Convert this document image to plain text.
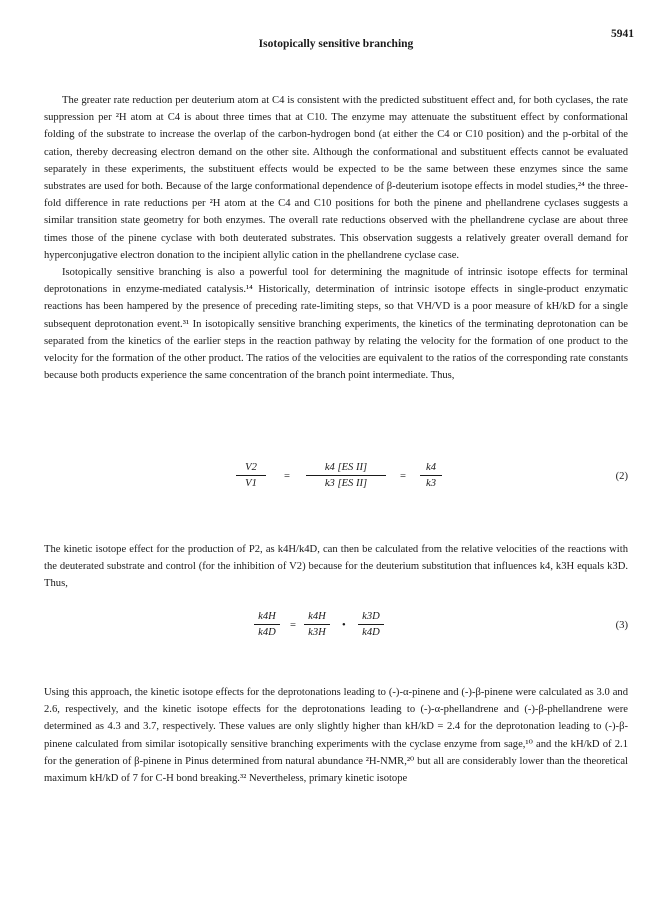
5941
Isotopically sensitive branching

The greater rate reduction per deuterium atom at C4 is consistent with the predicted substituent effect and, for both cyclases, the rate suppression per ²H atom at C4 is about three times that at C10. The enzyme may attenuate the substituent effect by conformational folding of the substrate to increase the overlap of the carbon-hydrogen bond (at either the C4 or C10 position) and the p-orbital of the cation, thereby decreasing electron demand on the other site. Although the conformational and substituent effects cannot be evaluated separately in these experiments, the substituent effects would be expected to be the same between these enzymes since the same substrates are used for both. Because of the large conformational dependence of β-deuterium isotope effects in model studies,²⁴ the three-fold difference in rate reductions per ²H atom at the C4 and C10 positions for both the pinene and phellandrene cyclases suggests a similar transition state geometry for both enzymes. The overall rate reductions observed with the phellandrene cyclase are about three times those of the pinene cyclase with both deuterated substrates. This observation suggests a relatively greater overall demand for hyperconjugative electron donation to the incipient allylic cation in the phellandrene cyclase case.

Isotopically sensitive branching is also a powerful tool for determining the magnitude of intrinsic isotope effects for terminal deprotonations in enzyme-mediated catalysis.¹⁴ Historically, determination of intrinsic isotope effects in single-product enzymatic reactions has been hampered by the presence of preceding rate-limiting steps, so that VH/VD is a poor measure of kH/kD for a single subsequent deprotonation event.³¹ In isotopically sensitive branching experiments, the kinetics of the terminating deprotonation can be separated from the kinetics of the earlier steps in the reaction pathway by relating the velocity for the formation of one product to the velocity for the formation of the other product. The ratios of the velocities are equivalent to the ratios of the corresponding rate constants because both products experience the same concentration of the branch point intermediate. Thus,

V2
V1
=
k4 [ES II]
k3 [ES II]
=
k4
k3
(2)

The kinetic isotope effect for the production of P2, as k4H/k4D, can then be calculated from the relative velocities of the reactions with the deuterated substrate and control (for the inhibition of V2) because for the deuterium substitution that influences k4, k3H equals k3D. Thus,

k4H
k4D
=
k4H
k3H
•
k3D
k4D
(3)

Using this approach, the kinetic isotope effects for the deprotonations leading to (-)-α-pinene and (-)-β-pinene were calculated as 3.0 and 2.6, respectively, and the kinetic isotope effects for the deprotonations leading to (-)-α-phellandrene and (-)-β-phellandrene were determined as 4.3 and 3.7, respectively. These values are only slightly higher than kH/kD = 2.4 for the deprotonation leading to (-)-β-pinene calculated from similar isotopically sensitive branching experiments with the cyclase enzyme from sage,¹⁰ and the kH/kD of 2.1 for the generation of β-pinene in Pinus determined from natural abundance ²H-NMR,²⁰ but all are considerably lower than the theoretical maximum kH/kD of 7 for C-H bond breaking.³² Nevertheless, primary kinetic isotope
